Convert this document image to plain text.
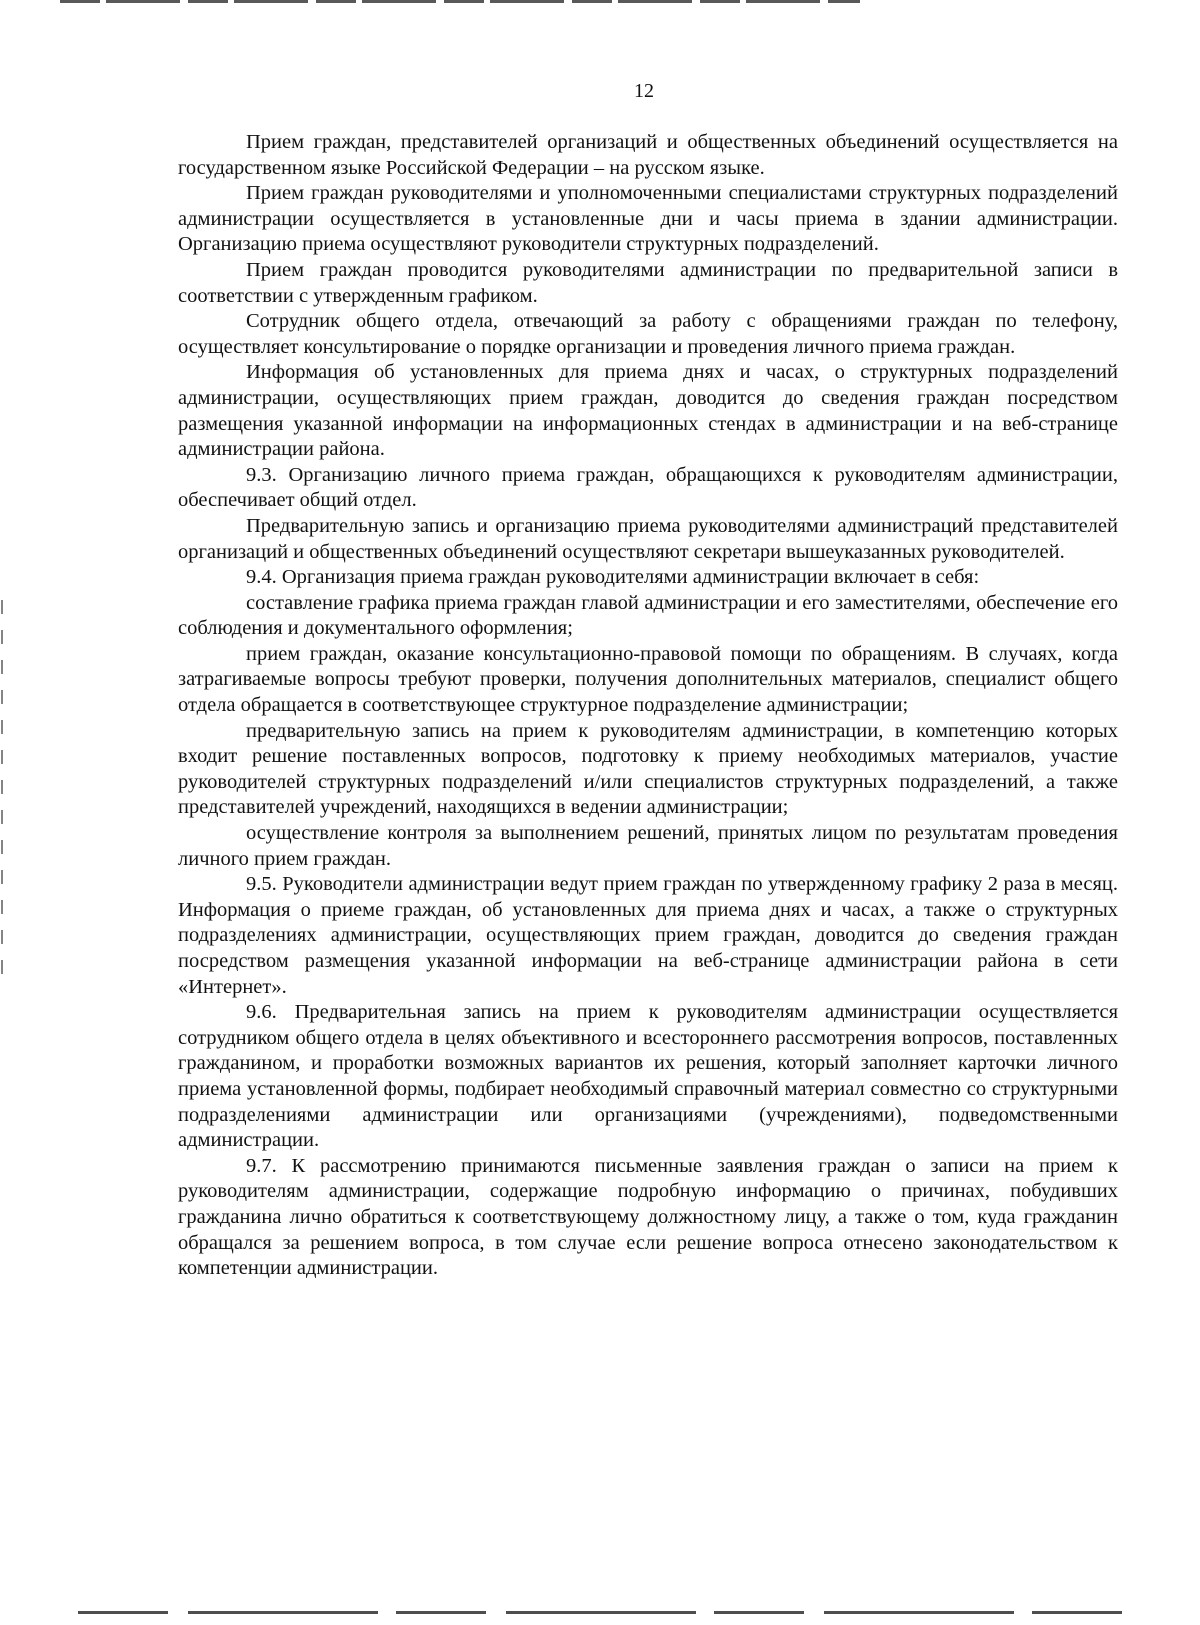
12

Прием граждан, представителей организаций и общественных объединений осуществляется на государственном языке Российской Федерации – на русском языке.

Прием граждан руководителями и уполномоченными специалистами структурных подразделений администрации осуществляется в установленные дни и часы приема в здании администрации. Организацию приема осуществляют руководители структурных подразделений.

Прием граждан проводится руководителями администрации по предварительной записи в соответствии с утвержденным графиком.

Сотрудник общего отдела, отвечающий за работу с обращениями граждан по телефону, осуществляет консультирование о порядке организации и проведения личного приема граждан.

Информация об установленных для приема днях и часах, о структурных подразделений администрации, осуществляющих прием граждан, доводится до сведения граждан посредством размещения указанной информации на информационных стендах в администрации и на веб-странице администрации района.

9.3. Организацию личного приема граждан, обращающихся к руководителям администрации, обеспечивает общий отдел.

Предварительную запись и организацию приема руководителями администраций представителей организаций и общественных объединений осуществляют секретари вышеуказанных руководителей.

9.4. Организация приема граждан руководителями администрации включает в себя:

составление графика приема граждан главой администрации и его заместителями, обеспечение его соблюдения и документального оформления;

прием граждан, оказание консультационно-правовой помощи по обращениям. В случаях, когда затрагиваемые вопросы требуют проверки, получения дополнительных материалов, специалист общего отдела обращается в соответствующее структурное подразделение администрации;

предварительную запись на прием к руководителям администрации, в компетенцию которых входит решение поставленных вопросов, подготовку к приему необходимых материалов, участие руководителей структурных подразделений и/или специалистов структурных подразделений, а также представителей учреждений, находящихся в ведении администрации;

осуществление контроля за выполнением решений, принятых лицом по результатам проведения личного прием граждан.

9.5. Руководители администрации ведут прием граждан по утвержденному графику 2 раза в месяц. Информация о приеме граждан, об установленных для приема днях и часах, а также о структурных подразделениях администрации, осуществляющих прием граждан, доводится до сведения граждан посредством размещения указанной информации на веб-странице администрации района в сети «Интернет».

9.6. Предварительная запись на прием к руководителям администрации осуществляется сотрудником общего отдела в целях объективного и всестороннего рассмотрения вопросов, поставленных гражданином, и проработки возможных вариантов их решения, который заполняет карточки личного приема установленной формы, подбирает необходимый справочный материал совместно со структурными подразделениями администрации или организациями (учреждениями), подведомственными администрации.

9.7. К рассмотрению принимаются письменные заявления граждан о записи на прием к руководителям администрации, содержащие подробную информацию о причинах, побудивших гражданина лично обратиться к соответствующему должностному лицу, а также о том, куда гражданин обращался за решением вопроса, в том случае если решение вопроса отнесено законодательством к компетенции администрации.
